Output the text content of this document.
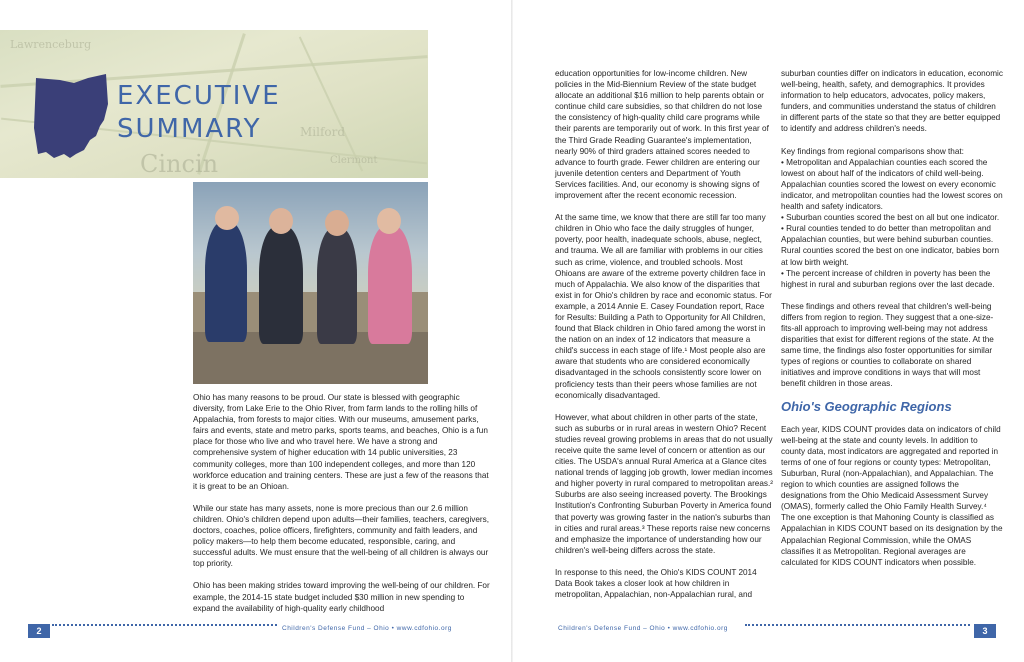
Cincin
Milford
Lawrenceburg
Clermont
EXECUTIVE
SUMMARY

Ohio has many reasons to be proud. Our state is blessed with geographic diversity, from Lake Erie to the Ohio River, from farm lands to the rolling hills of Appalachia, from forests to major cities. With our museums, amusement parks, fairs and events, state and metro parks, sports teams, and beaches, Ohio is a fun place for those who live and who travel here. We have a strong and comprehensive system of higher education with 14 public universities, 23 community colleges, more than 100 independent colleges, and more than 120 workforce education and training centers. These are just a few of the reasons that it is great to be an Ohioan.

While our state has many assets, none is more precious than our 2.6 million children. Ohio's children depend upon adults—their families, teachers, caregivers, doctors, coaches, police officers, firefighters, community and faith leaders, and policy makers—to help them become educated, responsible, caring, and successful adults. We must ensure that the well-being of all children is always our top priority.

Ohio has been making strides toward improving the well-being of our children. For example, the 2014-15 state budget included $30 million in new spending to expand the availability of high-quality early childhood

2	Children's Defense Fund – Ohio • www.cdfohio.org

education opportunities for low-income children. New policies in the Mid-Biennium Review of the state budget allocate an additional $16 million to help parents obtain or continue child care subsidies, so that children do not lose the consistency of high-quality child care programs while their parents are temporarily out of work. In this first year of the Third Grade Reading Guarantee's implementation, nearly 90% of third graders attained scores needed to advance to fourth grade. Fewer children are entering our juvenile detention centers and Department of Youth Services facilities. And, our economy is showing signs of improvement after the recent economic recession.

At the same time, we know that there are still far too many children in Ohio who face the daily struggles of hunger, poverty, poor health, inadequate schools, abuse, neglect, and trauma. We all are familiar with problems in our cities such as crime, violence, and troubled schools. Most Ohioans are aware of the extreme poverty children face in much of Appalachia. We also know of the disparities that exist in for Ohio's children by race and economic status. For example, a 2014 Annie E. Casey Foundation report, Race for Results: Building a Path to Opportunity for All Children, found that Black children in Ohio fared among the worst in the nation on an index of 12 indicators that measure a child's success in each stage of life.¹ Most people also are aware that students who are considered economically disadvantaged in the schools consistently score lower on proficiency tests than their peers whose families are not economically disadvantaged.

However, what about children in other parts of the state, such as suburbs or in rural areas in western Ohio? Recent studies reveal growing problems in areas that do not usually receive quite the same level of concern or attention as our cities. The USDA's annual Rural America at a Glance cites national trends of lagging job growth, lower median incomes and higher poverty in rural compared to metropolitan areas.² Suburbs are also seeing increased poverty. The Brookings Institution's Confronting Suburban Poverty in America found that poverty was growing faster in the nation's suburbs than in cities and rural areas.³ These reports raise new concerns and emphasize the importance of understanding how our children's well-being differs across the state.

In response to this need, the Ohio's KIDS COUNT 2014 Data Book takes a closer look at how children in metropolitan, Appalachian, non-Appalachian rural, and

suburban counties differ on indicators in education, economic well-being, health, safety, and demographics. It provides information to help educators, advocates, policy makers, funders, and communities understand the status of children in different parts of the state so that they are better equipped to identify and address children's needs.

Key findings from regional comparisons show that:
• Metropolitan and Appalachian counties each scored the lowest on about half of the indicators of child well-being. Appalachian counties scored the lowest on every economic indicator, and metropolitan counties had the lowest scores on health and safety indicators.
• Suburban counties scored the best on all but one indicator.
• Rural counties tended to do better than metropolitan and Appalachian counties, but were behind suburban counties. Rural counties scored the best on one indicator, babies born at low birth weight.
• The percent increase of children in poverty has been the highest in rural and suburban regions over the last decade.

These findings and others reveal that children's well-being differs from region to region. They suggest that a one-size-fits-all approach to improving well-being may not address disparities that exist for different regions of the state. At the same time, the findings also foster opportunities for similar types of regions or counties to collaborate on shared initiatives and improve conditions in ways that will most benefit children in those areas.

Ohio's Geographic Regions

Each year, KIDS COUNT provides data on indicators of child well-being at the state and county levels. In addition to county data, most indicators are aggregated and reported in terms of one of four regions or county types: Metropolitan, Suburban, Rural (non-Appalachian), and Appalachian. The region to which counties are assigned follows the designations from the Ohio Medicaid Assessment Survey (OMAS), formerly called the Ohio Family Health Survey.⁴ The one exception is that Mahoning County is classified as Appalachian in KIDS COUNT based on its designation by the Appalachian Regional Commission, while the OMAS classifies it as Metropolitan. Regional averages are calculated for KIDS COUNT indicators when possible.

Children's Defense Fund – Ohio • www.cdfohio.org	3
